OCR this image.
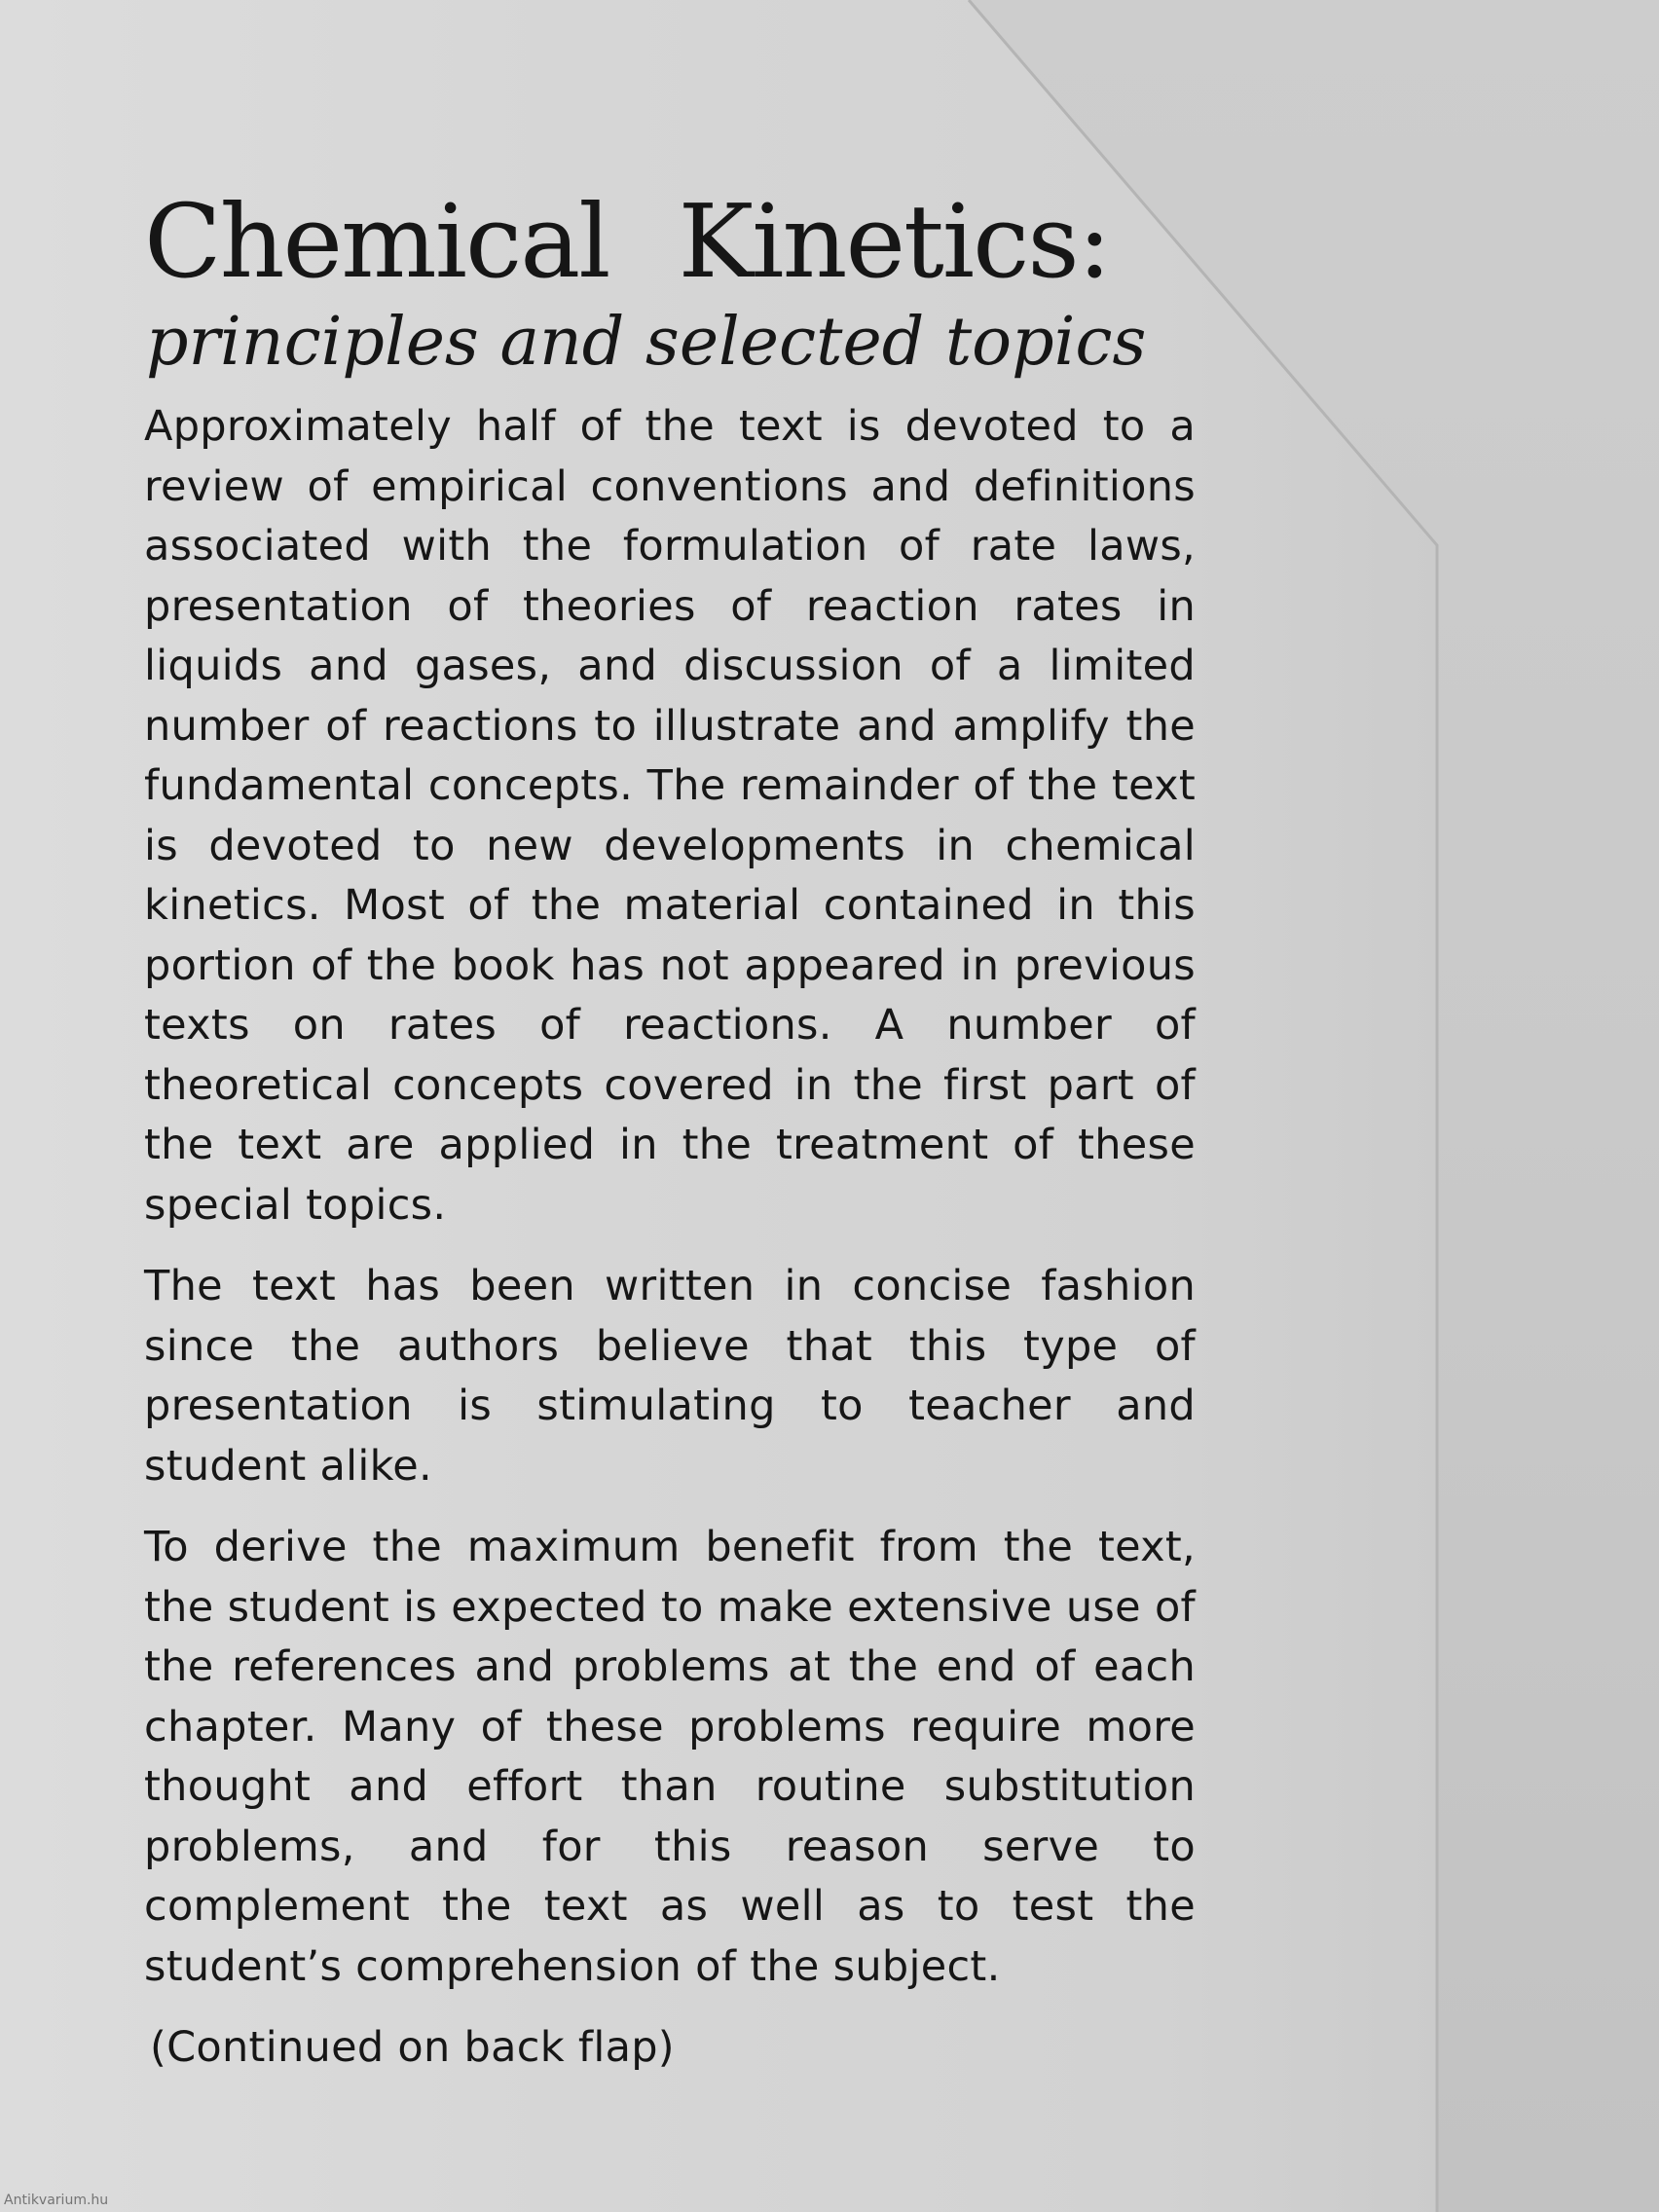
Chemical Kinetics:
principles and selected topics

Approximately half of the text is devoted to a review of empirical conventions and definitions associated with the formulation of rate laws, presentation of theories of reaction rates in liquids and gases, and discussion of a limited number of reactions to illustrate and amplify the fundamental concepts. The remainder of the text is devoted to new developments in chemical kinetics. Most of the material contained in this portion of the book has not appeared in previous texts on rates of reactions. A number of theoretical concepts covered in the first part of the text are applied in the treatment of these special topics.

The text has been written in concise fashion since the authors believe that this type of presentation is stimulating to teacher and student alike.

To derive the maximum benefit from the text, the student is expected to make extensive use of the references and problems at the end of each chapter. Many of these problems require more thought and effort than routine substitution problems, and for this reason serve to complement the text as well as to test the student’s comprehension of the subject.

(Continued on back flap)
Antikvarium.hu
